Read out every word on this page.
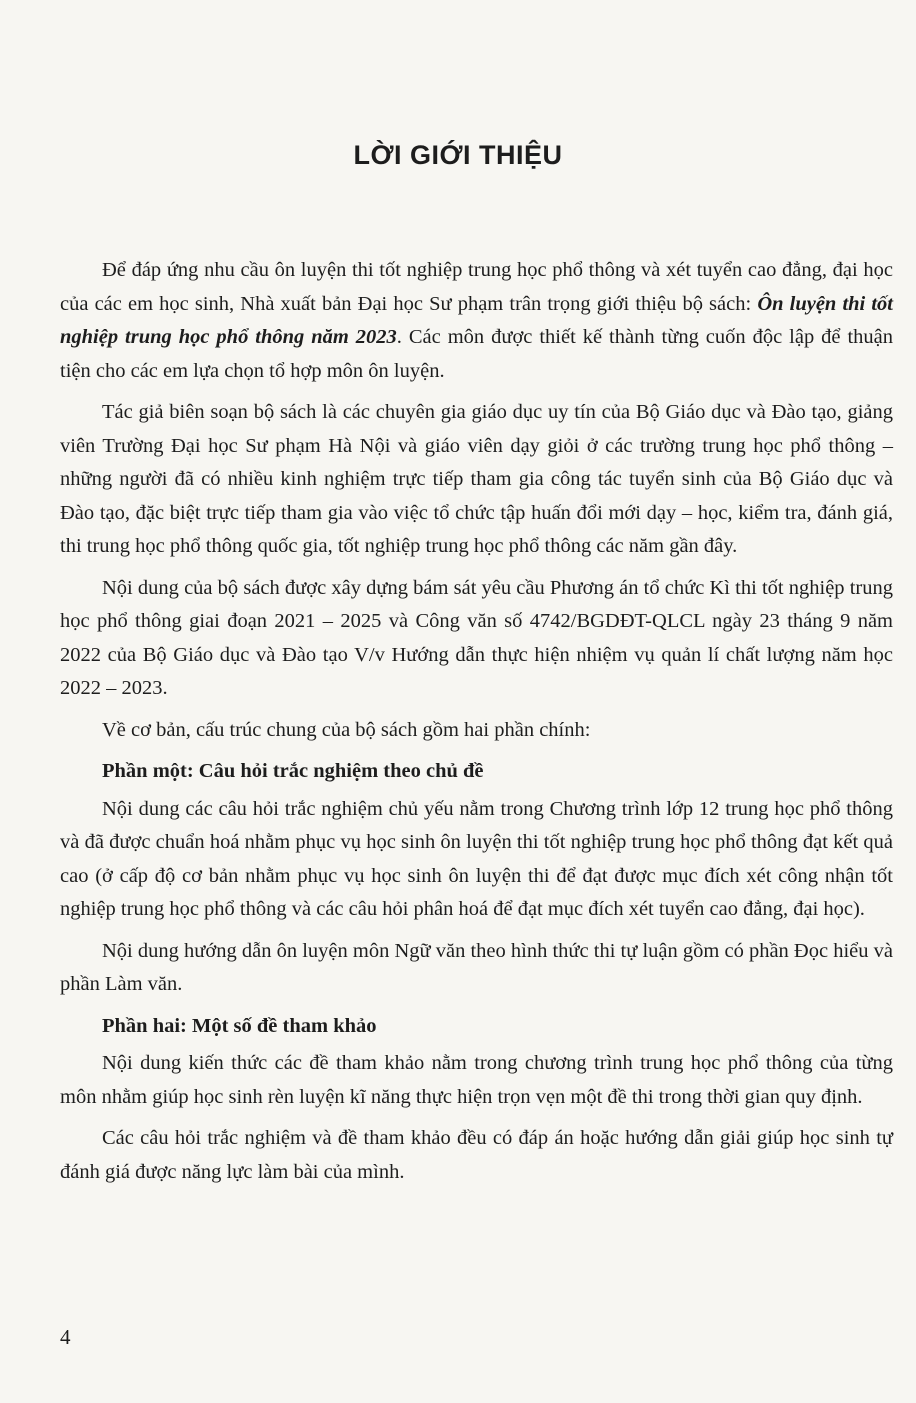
LỜI GIỚI THIỆU

Để đáp ứng nhu cầu ôn luyện thi tốt nghiệp trung học phổ thông và xét tuyển cao đẳng, đại học của các em học sinh, Nhà xuất bản Đại học Sư phạm trân trọng giới thiệu bộ sách: Ôn luyện thi tốt nghiệp trung học phổ thông năm 2023. Các môn được thiết kế thành từng cuốn độc lập để thuận tiện cho các em lựa chọn tổ hợp môn ôn luyện.

Tác giả biên soạn bộ sách là các chuyên gia giáo dục uy tín của Bộ Giáo dục và Đào tạo, giảng viên Trường Đại học Sư phạm Hà Nội và giáo viên dạy giỏi ở các trường trung học phổ thông – những người đã có nhiều kinh nghiệm trực tiếp tham gia công tác tuyển sinh của Bộ Giáo dục và Đào tạo, đặc biệt trực tiếp tham gia vào việc tổ chức tập huấn đổi mới dạy – học, kiểm tra, đánh giá, thi trung học phổ thông quốc gia, tốt nghiệp trung học phổ thông các năm gần đây.

Nội dung của bộ sách được xây dựng bám sát yêu cầu Phương án tổ chức Kì thi tốt nghiệp trung học phổ thông giai đoạn 2021 – 2025 và Công văn số 4742/BGDĐT-QLCL ngày 23 tháng 9 năm 2022 của Bộ Giáo dục và Đào tạo V/v Hướng dẫn thực hiện nhiệm vụ quản lí chất lượng năm học 2022 – 2023.

Về cơ bản, cấu trúc chung của bộ sách gồm hai phần chính:

Phần một: Câu hỏi trắc nghiệm theo chủ đề

Nội dung các câu hỏi trắc nghiệm chủ yếu nằm trong Chương trình lớp 12 trung học phổ thông và đã được chuẩn hoá nhằm phục vụ học sinh ôn luyện thi tốt nghiệp trung học phổ thông đạt kết quả cao (ở cấp độ cơ bản nhằm phục vụ học sinh ôn luyện thi để đạt được mục đích xét công nhận tốt nghiệp trung học phổ thông và các câu hỏi phân hoá để đạt mục đích xét tuyển cao đẳng, đại học).

Nội dung hướng dẫn ôn luyện môn Ngữ văn theo hình thức thi tự luận gồm có phần Đọc hiểu và phần Làm văn.

Phần hai: Một số đề tham khảo

Nội dung kiến thức các đề tham khảo nằm trong chương trình trung học phổ thông của từng môn nhằm giúp học sinh rèn luyện kĩ năng thực hiện trọn vẹn một đề thi trong thời gian quy định.

Các câu hỏi trắc nghiệm và đề tham khảo đều có đáp án hoặc hướng dẫn giải giúp học sinh tự đánh giá được năng lực làm bài của mình.

4
